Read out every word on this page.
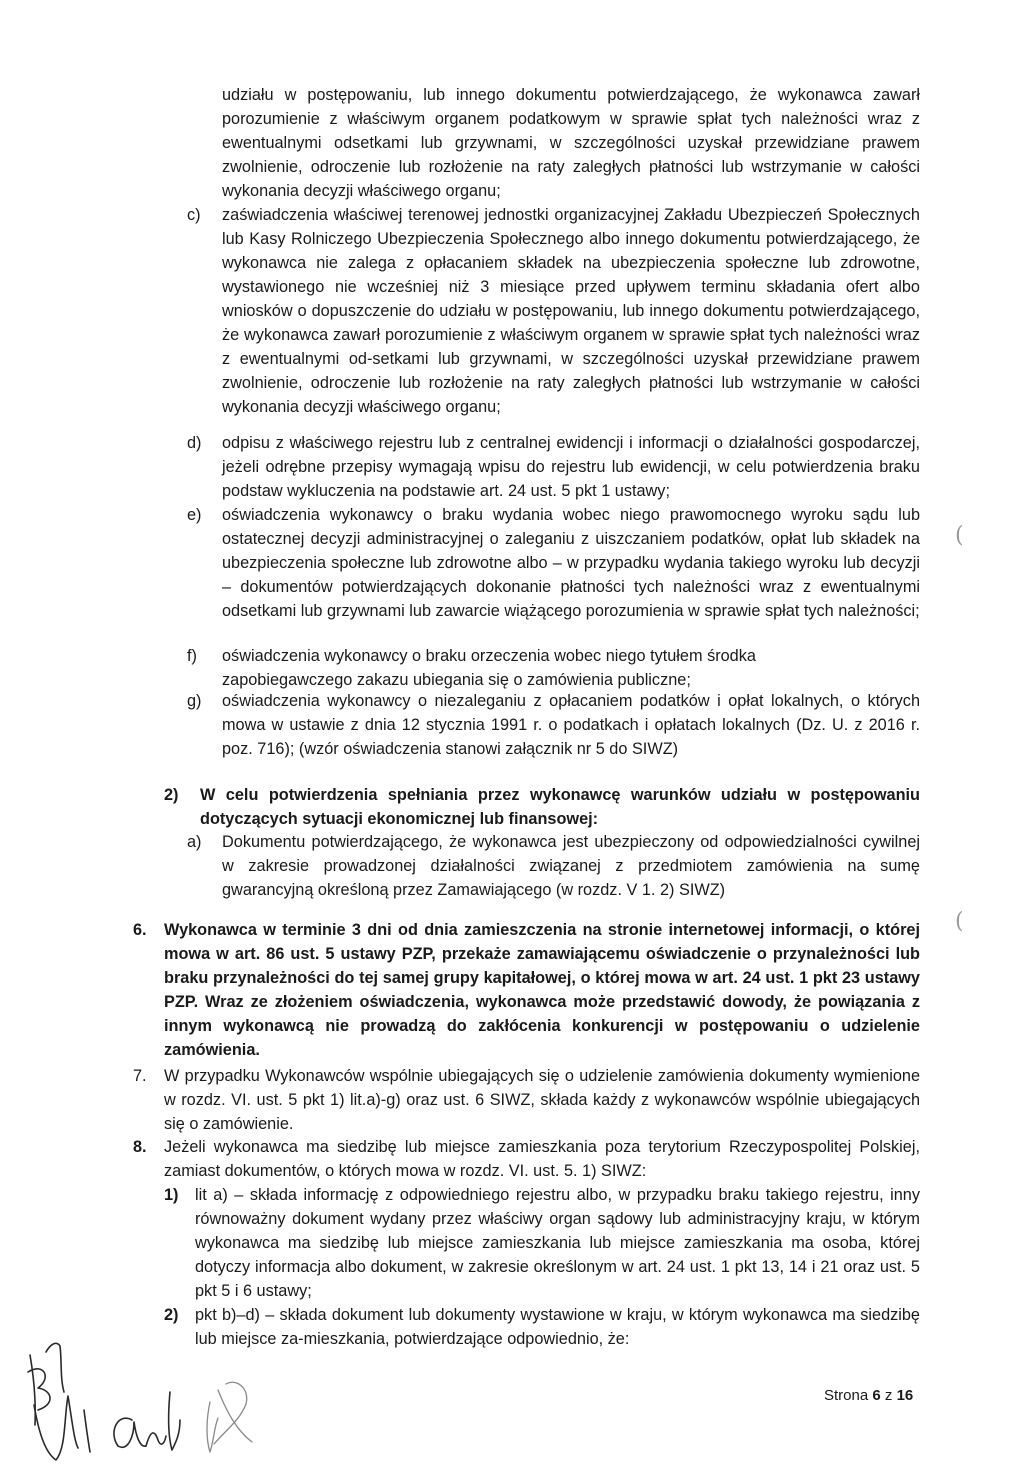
udziału w postępowaniu, lub innego dokumentu potwierdzającego, że wykonawca zawarł porozumienie z właściwym organem podatkowym w sprawie spłat tych należności wraz z ewentualnymi odsetkami lub grzywnami, w szczególności uzyskał przewidziane prawem zwolnienie, odroczenie lub rozłożenie na raty zaległych płatności lub wstrzymanie w całości wykonania decyzji właściwego organu;
c) zaświadczenia właściwej terenowej jednostki organizacyjnej Zakładu Ubezpieczeń Społecznych lub Kasy Rolniczego Ubezpieczenia Społecznego albo innego dokumentu potwierdzającego, że wykonawca nie zalega z opłacaniem składek na ubezpieczenia społeczne lub zdrowotne, wystawionego nie wcześniej niż 3 miesiące przed upływem terminu składania ofert albo wniosków o dopuszczenie do udziału w postępowaniu, lub innego dokumentu potwierdzającego, że wykonawca zawarł porozumienie z właściwym organem w sprawie spłat tych należności wraz z ewentualnymi od-setkami lub grzywnami, w szczególności uzyskał przewidziane prawem zwolnienie, odroczenie lub rozłożenie na raty zaległych płatności lub wstrzymanie w całości wykonania decyzji właściwego organu;
d) odpisu z właściwego rejestru lub z centralnej ewidencji i informacji o działalności gospodarczej, jeżeli odrębne przepisy wymagają wpisu do rejestru lub ewidencji, w celu potwierdzenia braku podstaw wykluczenia na podstawie art. 24 ust. 5 pkt 1 ustawy;
e) oświadczenia wykonawcy o braku wydania wobec niego prawomocnego wyroku sądu lub ostatecznej decyzji administracyjnej o zaleganiu z uiszczaniem podatków, opłat lub składek na ubezpieczenia społeczne lub zdrowotne albo – w przypadku wydania takiego wyroku lub decyzji – dokumentów potwierdzających dokonanie płatności tych należności wraz z ewentualnymi odsetkami lub grzywnami lub zawarcie wiążącego porozumienia w sprawie spłat tych należności;
f) oświadczenia wykonawcy o braku orzeczenia wobec niego tytułem środka zapobiegawczego zakazu ubiegania się o zamówienia publiczne;
g) oświadczenia wykonawcy o niezaleganiu z opłacaniem podatków i opłat lokalnych, o których mowa w ustawie z dnia 12 stycznia 1991 r. o podatkach i opłatach lokalnych (Dz. U. z 2016 r. poz. 716); (wzór oświadczenia stanowi załącznik nr 5 do SIWZ)
2) W celu potwierdzenia spełniania przez wykonawcę warunków udziału w postępowaniu dotyczących sytuacji ekonomicznej lub finansowej:
a) Dokumentu potwierdzającego, że wykonawca jest ubezpieczony od odpowiedzialności cywilnej w zakresie prowadzonej działalności związanej z przedmiotem zamówienia na sumę gwarancyjną określoną przez Zamawiającego (w rozdz. V 1. 2) SIWZ)
6. Wykonawca w terminie 3 dni od dnia zamieszczenia na stronie internetowej informacji, o której mowa w art. 86 ust. 5 ustawy PZP, przekaże zamawiającemu oświadczenie o przynależności lub braku przynależności do tej samej grupy kapitałowej, o której mowa w art. 24 ust. 1 pkt 23 ustawy PZP. Wraz ze złożeniem oświadczenia, wykonawca może przedstawić dowody, że powiązania z innym wykonawcą nie prowadzą do zakłócenia konkurencji w postępowaniu o udzielenie zamówienia.
7. W przypadku Wykonawców wspólnie ubiegających się o udzielenie zamówienia dokumenty wymienione w rozdz. VI. ust. 5 pkt 1) lit.a)-g) oraz ust. 6 SIWZ, składa każdy z wykonawców wspólnie ubiegających się o zamówienie.
8. Jeżeli wykonawca ma siedzibę lub miejsce zamieszkania poza terytorium Rzeczypospolitej Polskiej, zamiast dokumentów, o których mowa w rozdz. VI. ust. 5. 1) SIWZ:
1) lit a) – składa informację z odpowiedniego rejestru albo, w przypadku braku takiego rejestru, inny równoważny dokument wydany przez właściwy organ sądowy lub administracyjny kraju, w którym wykonawca ma siedzibę lub miejsce zamieszkania lub miejsce zamieszkania ma osoba, której dotyczy informacja albo dokument, w zakresie określonym w art. 24 ust. 1 pkt 13, 14 i 21 oraz ust. 5 pkt 5 i 6 ustawy;
2) pkt b)–d) – składa dokument lub dokumenty wystawione w kraju, w którym wykonawca ma siedzibę lub miejsce za-mieszkania, potwierdzające odpowiednio, że:
Strona 6 z 16
(
(
